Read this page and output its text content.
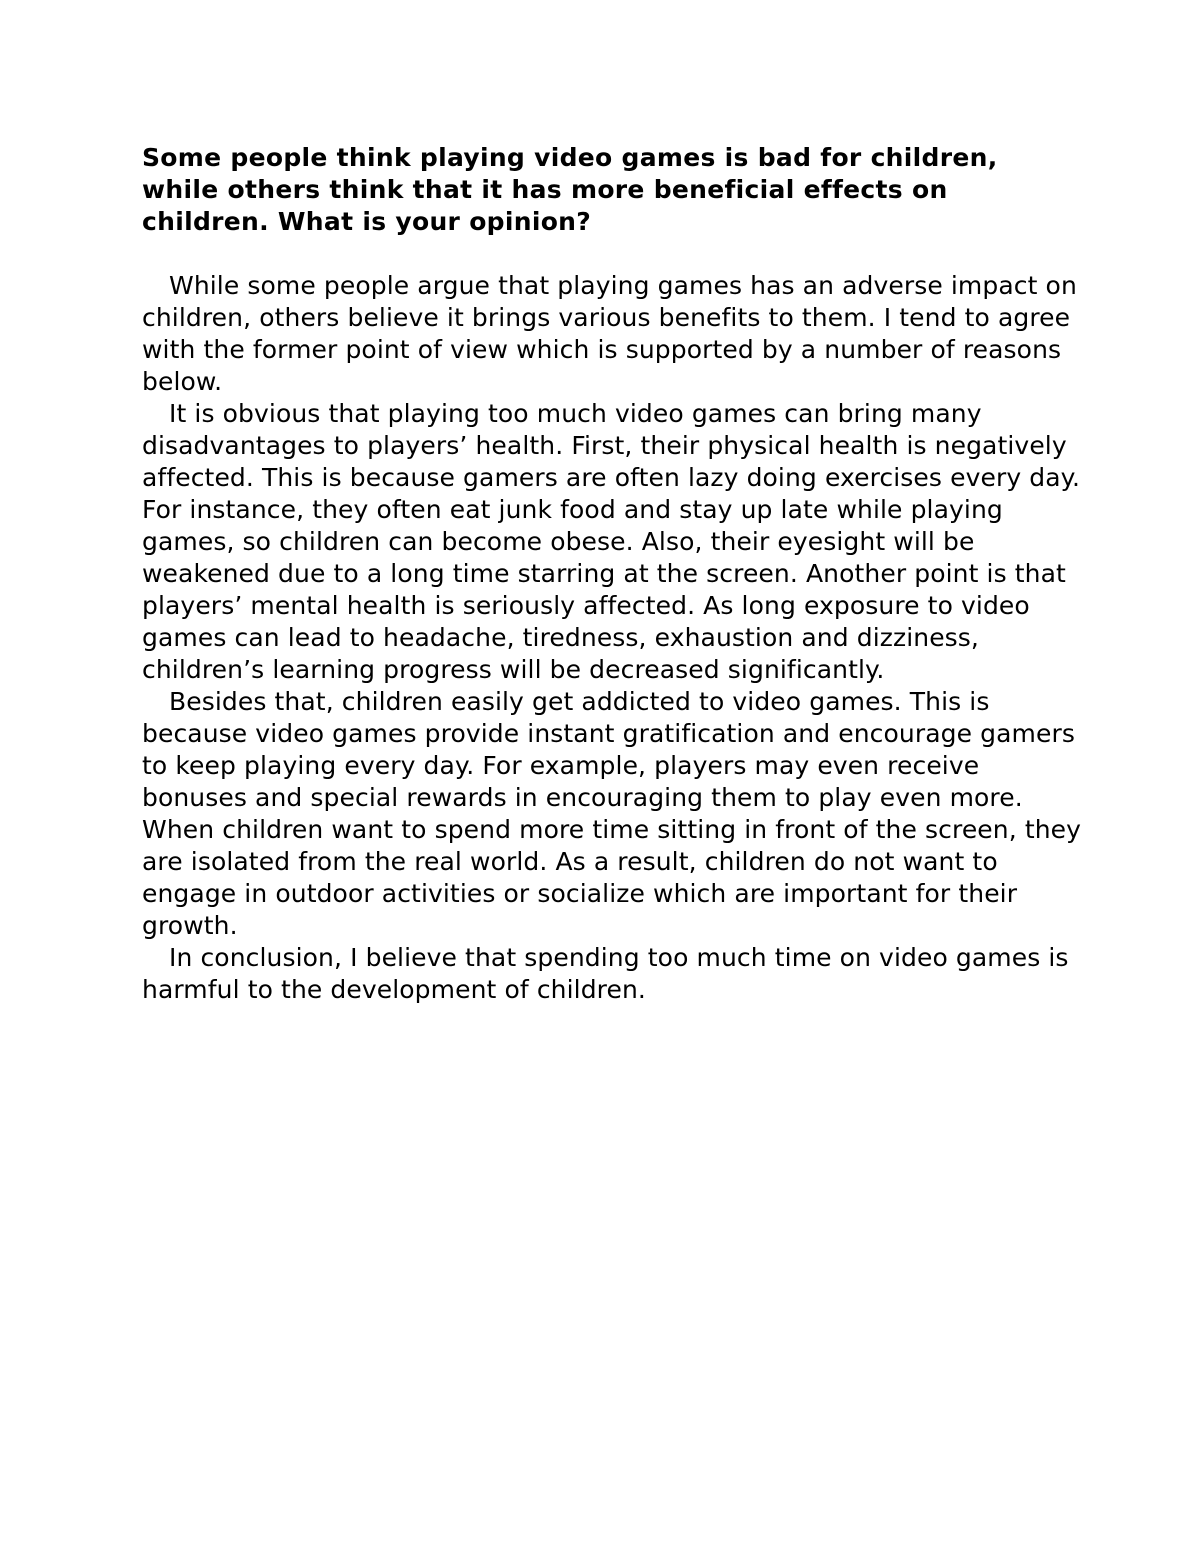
Some people think playing video games is bad for children, while others think that it has more beneficial effects on children. What is your opinion?

While some people argue that playing games has an adverse impact on children, others believe it brings various benefits to them. I tend to agree with the former point of view which is supported by a number of reasons below.

It is obvious that playing too much video games can bring many disadvantages to players’ health. First, their physical health is negatively affected. This is because gamers are often lazy doing exercises every day. For instance, they often eat junk food and stay up late while playing games, so children can become obese. Also, their eyesight will be weakened due to a long time starring at the screen. Another point is that players’ mental health is seriously affected. As long exposure to video games can lead to headache, tiredness, exhaustion and dizziness, children’s learning progress will be decreased significantly.

Besides that, children easily get addicted to video games. This is because video games provide instant gratification and encourage gamers to keep playing every day. For example, players may even receive bonuses and special rewards in encouraging them to play even more. When children want to spend more time sitting in front of the screen, they are isolated from the real world. As a result, children do not want to engage in outdoor activities or socialize which are important for their growth.

In conclusion, I believe that spending too much time on video games is harmful to the development of children.
